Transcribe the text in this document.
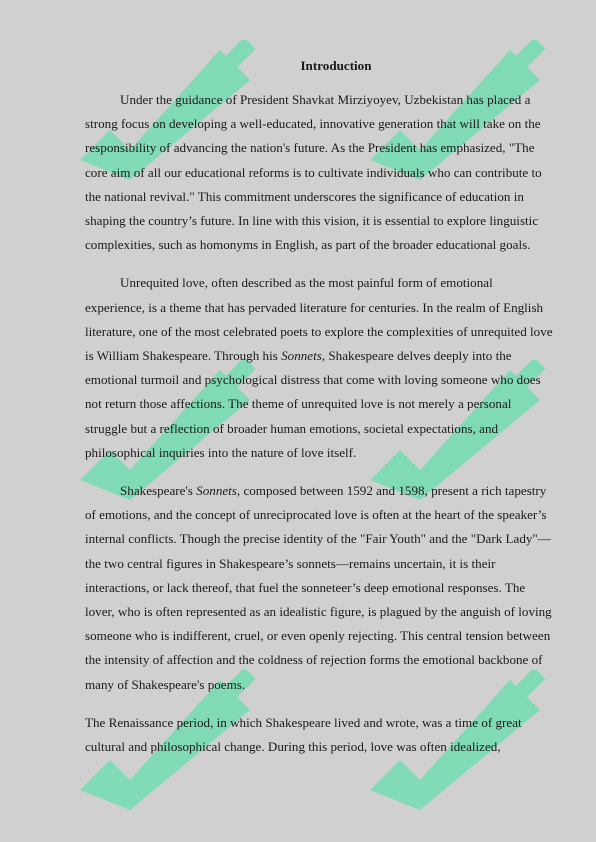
Introduction

Under the guidance of President Shavkat Mirziyoyev, Uzbekistan has placed a strong focus on developing a well-educated, innovative generation that will take on the responsibility of advancing the nation's future. As the President has emphasized, "The core aim of all our educational reforms is to cultivate individuals who can contribute to the national revival." This commitment underscores the significance of education in shaping the country’s future. In line with this vision, it is essential to explore linguistic complexities, such as homonyms in English, as part of the broader educational goals.

Unrequited love, often described as the most painful form of emotional experience, is a theme that has pervaded literature for centuries. In the realm of English literature, one of the most celebrated poets to explore the complexities of unrequited love is William Shakespeare. Through his Sonnets, Shakespeare delves deeply into the emotional turmoil and psychological distress that come with loving someone who does not return those affections. The theme of unrequited love is not merely a personal struggle but a reflection of broader human emotions, societal expectations, and philosophical inquiries into the nature of love itself.

Shakespeare's Sonnets, composed between 1592 and 1598, present a rich tapestry of emotions, and the concept of unreciprocated love is often at the heart of the speaker’s internal conflicts. Though the precise identity of the "Fair Youth" and the "Dark Lady"—the two central figures in Shakespeare’s sonnets—remains uncertain, it is their interactions, or lack thereof, that fuel the sonneteer’s deep emotional responses. The lover, who is often represented as an idealistic figure, is plagued by the anguish of loving someone who is indifferent, cruel, or even openly rejecting. This central tension between the intensity of affection and the coldness of rejection forms the emotional backbone of many of Shakespeare's poems.

The Renaissance period, in which Shakespeare lived and wrote, was a time of great cultural and philosophical change. During this period, love was often idealized,
